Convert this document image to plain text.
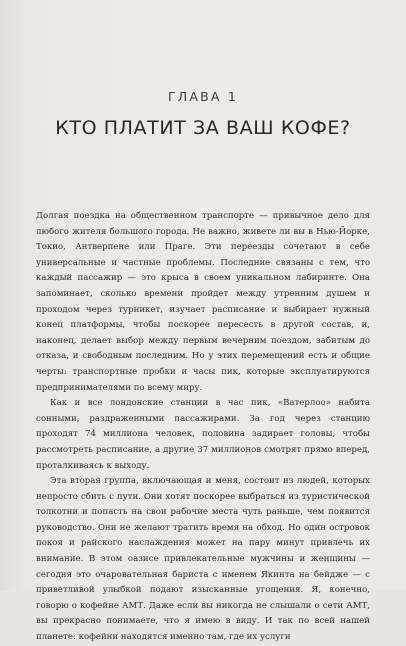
ГЛАВА 1
КТО ПЛАТИТ ЗА ВАШ КОФЕ?

Долгая поездка на общественном транспорте — привычное дело для любого жителя большого города. Не важно, живете ли вы в Нью-Йорке, Токио, Антверпене или Праге. Эти переезды сочетают в себе универсальные и частные проблемы. Последние связаны с тем, что каждый пассажир — это крыса в своем уникальном лабиринте. Она запоминает, сколько времени пройдет между утренним душем и проходом через турникет, изучает расписание и выбирает нужный конец платформы, чтобы поскорее пересесть в другой состав, и, наконец, делает выбор между первым вечерним поездом, забитым до отказа, и свободным последним. Но у этих перемещений есть и общие черты: транспортные пробки и часы пик, которые эксплуатируются предпринимателями по всему миру.

Как и все лондонские станции в час пик, «Ватерлоо» набита сонными, раздраженными пассажирами. За год через станцию проходят 74 миллиона человек, половина задирает головы, чтобы рассмотреть расписание, а другие 37 миллионов смотрят прямо вперед, проталкиваясь к выходу.

Эта вторая группа, включающая и меня, состоит из людей, которых непросто сбить с пути. Они хотят поскорее выбраться из туристической толкотни и попасть на свои рабочие места чуть раньше, чем появится руководство. Они не желают тратить время на обход. Но один островок покоя и райского наслаждения может на пару минут привлечь их внимание. В этом оазисе привлекательные мужчины и женщины — сегодня это очаровательная бариста с именем Якинта на бейдже — с приветливой улыбкой подают изысканные угощения. Я, конечно, говорю о кофейне АМТ. Даже если вы никогда не слышали о сети АМТ, вы прекрасно понимаете, что я имею в виду. И так по всей нашей планете: кофейни находятся именно там, где их услуги
